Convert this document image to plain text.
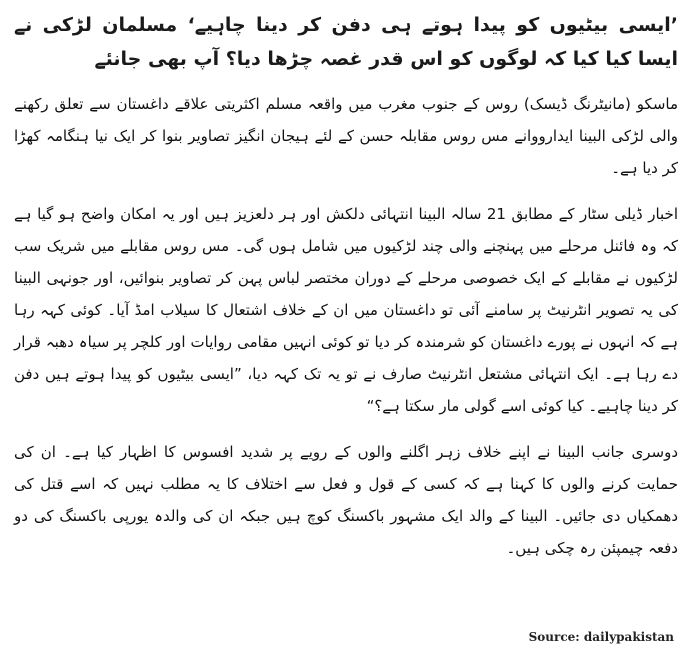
’ایسی بیٹیوں کو پیدا ہوتے ہی دفن کر دینا چاہیے‘ مسلمان لڑکی نے ایسا کیا کیا کہ لوگوں کو اس قدر غصہ چڑھا دیا؟ آپ بھی جانئے

ماسکو (مانیٹرنگ ڈیسک) روس کے جنوب مغرب میں واقعہ مسلم اکثریتی علاقے داغستان سے تعلق رکھنے والی لڑکی البینا ایدارووانے مس روس مقابلہ حسن کے لئے ہیجان انگیز تصاویر بنوا کر ایک نیا ہنگامہ کھڑا کر دیا ہے۔

اخبار ڈیلی سٹار کے مطابق 21 سالہ البینا انتہائی دلکش اور ہر دلعزیز ہیں اور یہ امکان واضح ہو گیا ہے کہ وہ فائنل مرحلے میں پہنچنے والی چند لڑکیوں میں شامل ہوں گی۔ مس روس مقابلے میں شریک سب لڑکیوں نے مقابلے کے ایک خصوصی مرحلے کے دوران مختصر لباس پہن کر تصاویر بنوائیں، اور جونہی البینا کی یہ تصویر انٹرنیٹ پر سامنے آئی تو داغستان میں ان کے خلاف اشتعال کا سیلاب امڈ آیا۔ کوئی کہہ رہا ہے کہ انہوں نے پورے داغستان کو شرمندہ کر دیا تو کوئی انہیں مقامی روایات اور کلچر پر سیاہ دھبہ قرار دے رہا ہے۔ ایک انتہائی مشتعل انٹرنیٹ صارف نے تو یہ تک کہہ دیا، ”ایسی بیٹیوں کو پیدا ہوتے ہیں دفن کر دینا چاہیے۔ کیا کوئی اسے گولی مار سکتا ہے؟“

دوسری جانب البینا نے اپنے خلاف زہر اگلنے والوں کے رویے پر شدید افسوس کا اظہار کیا ہے۔ ان کی حمایت کرنے والوں کا کہنا ہے کہ کسی کے قول و فعل سے اختلاف کا یہ مطلب نہیں کہ اسے قتل کی دھمکیاں دی جائیں۔ البینا کے والد ایک مشہور باکسنگ کوچ ہیں جبکہ ان کی والدہ یورپی باکسنگ کی دو دفعہ چیمپئن رہ چکی ہیں۔

Source: dailypakistan
